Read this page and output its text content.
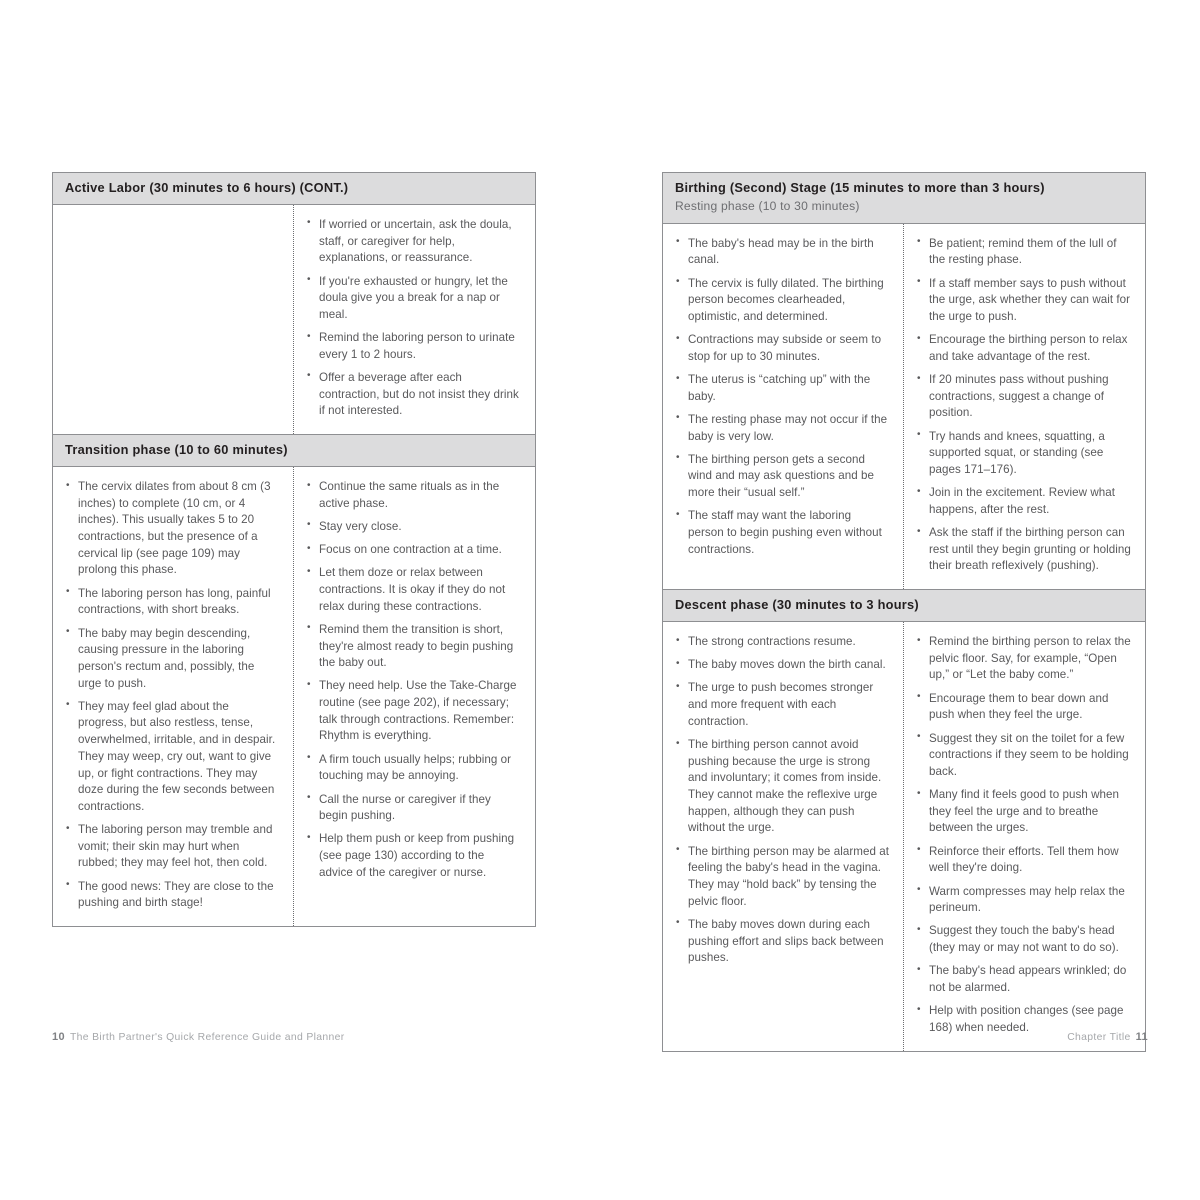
Active Labor (30 minutes to 6 hours) (CONT.)
• If worried or uncertain, ask the doula, staff, or caregiver for help, explanations, or reassurance.
• If you're exhausted or hungry, let the doula give you a break for a nap or meal.
• Remind the laboring person to urinate every 1 to 2 hours.
• Offer a beverage after each contraction, but do not insist they drink if not interested.
Transition phase (10 to 60 minutes)
• The cervix dilates from about 8 cm (3 inches) to complete (10 cm, or 4 inches). This usually takes 5 to 20 contractions, but the presence of a cervical lip (see page 109) may prolong this phase.
• The laboring person has long, painful contractions, with short breaks.
• The baby may begin descending, causing pressure in the laboring person's rectum and, possibly, the urge to push.
• They may feel glad about the progress, but also restless, tense, overwhelmed, irritable, and in despair. They may weep, cry out, want to give up, or fight contractions. They may doze during the few seconds between contractions.
• The laboring person may tremble and vomit; their skin may hurt when rubbed; they may feel hot, then cold.
• The good news: They are close to the pushing and birth stage!
• Continue the same rituals as in the active phase.
• Stay very close.
• Focus on one contraction at a time.
• Let them doze or relax between contractions. It is okay if they do not relax during these contractions.
• Remind them the transition is short, they're almost ready to begin pushing the baby out.
• They need help. Use the Take-Charge routine (see page 202), if necessary; talk through contractions. Remember: Rhythm is everything.
• A firm touch usually helps; rubbing or touching may be annoying.
• Call the nurse or caregiver if they begin pushing.
• Help them push or keep from pushing (see page 130) according to the advice of the caregiver or nurse.
Birthing (Second) Stage (15 minutes to more than 3 hours)
Resting phase (10 to 30 minutes)
• The baby's head may be in the birth canal.
• The cervix is fully dilated. The birthing person becomes clearheaded, optimistic, and determined.
• Contractions may subside or seem to stop for up to 30 minutes.
• The uterus is “catching up” with the baby.
• The resting phase may not occur if the baby is very low.
• The birthing person gets a second wind and may ask questions and be more their “usual self.”
• The staff may want the laboring person to begin pushing even without contractions.
• Be patient; remind them of the lull of the resting phase.
• If a staff member says to push without the urge, ask whether they can wait for the urge to push.
• Encourage the birthing person to relax and take advantage of the rest.
• If 20 minutes pass without pushing contractions, suggest a change of position.
• Try hands and knees, squatting, a supported squat, or standing (see pages 171–176).
• Join in the excitement. Review what happens, after the rest.
• Ask the staff if the birthing person can rest until they begin grunting or holding their breath reflexively (pushing).
Descent phase (30 minutes to 3 hours)
• The strong contractions resume.
• The baby moves down the birth canal.
• The urge to push becomes stronger and more frequent with each contraction.
• The birthing person cannot avoid pushing because the urge is strong and involuntary; it comes from inside. They cannot make the reflexive urge happen, although they can push without the urge.
• The birthing person may be alarmed at feeling the baby's head in the vagina. They may “hold back” by tensing the pelvic floor.
• The baby moves down during each pushing effort and slips back between pushes.
• Remind the birthing person to relax the pelvic floor. Say, for example, “Open up,” or “Let the baby come.”
• Encourage them to bear down and push when they feel the urge.
• Suggest they sit on the toilet for a few contractions if they seem to be holding back.
• Many find it feels good to push when they feel the urge and to breathe between the urges.
• Reinforce their efforts. Tell them how well they're doing.
• Warm compresses may help relax the perineum.
• Suggest they touch the baby's head (they may or may not want to do so).
• The baby's head appears wrinkled; do not be alarmed.
• Help with position changes (see page 168) when needed.
10 The Birth Partner's Quick Reference Guide and Planner	Chapter Title 11
